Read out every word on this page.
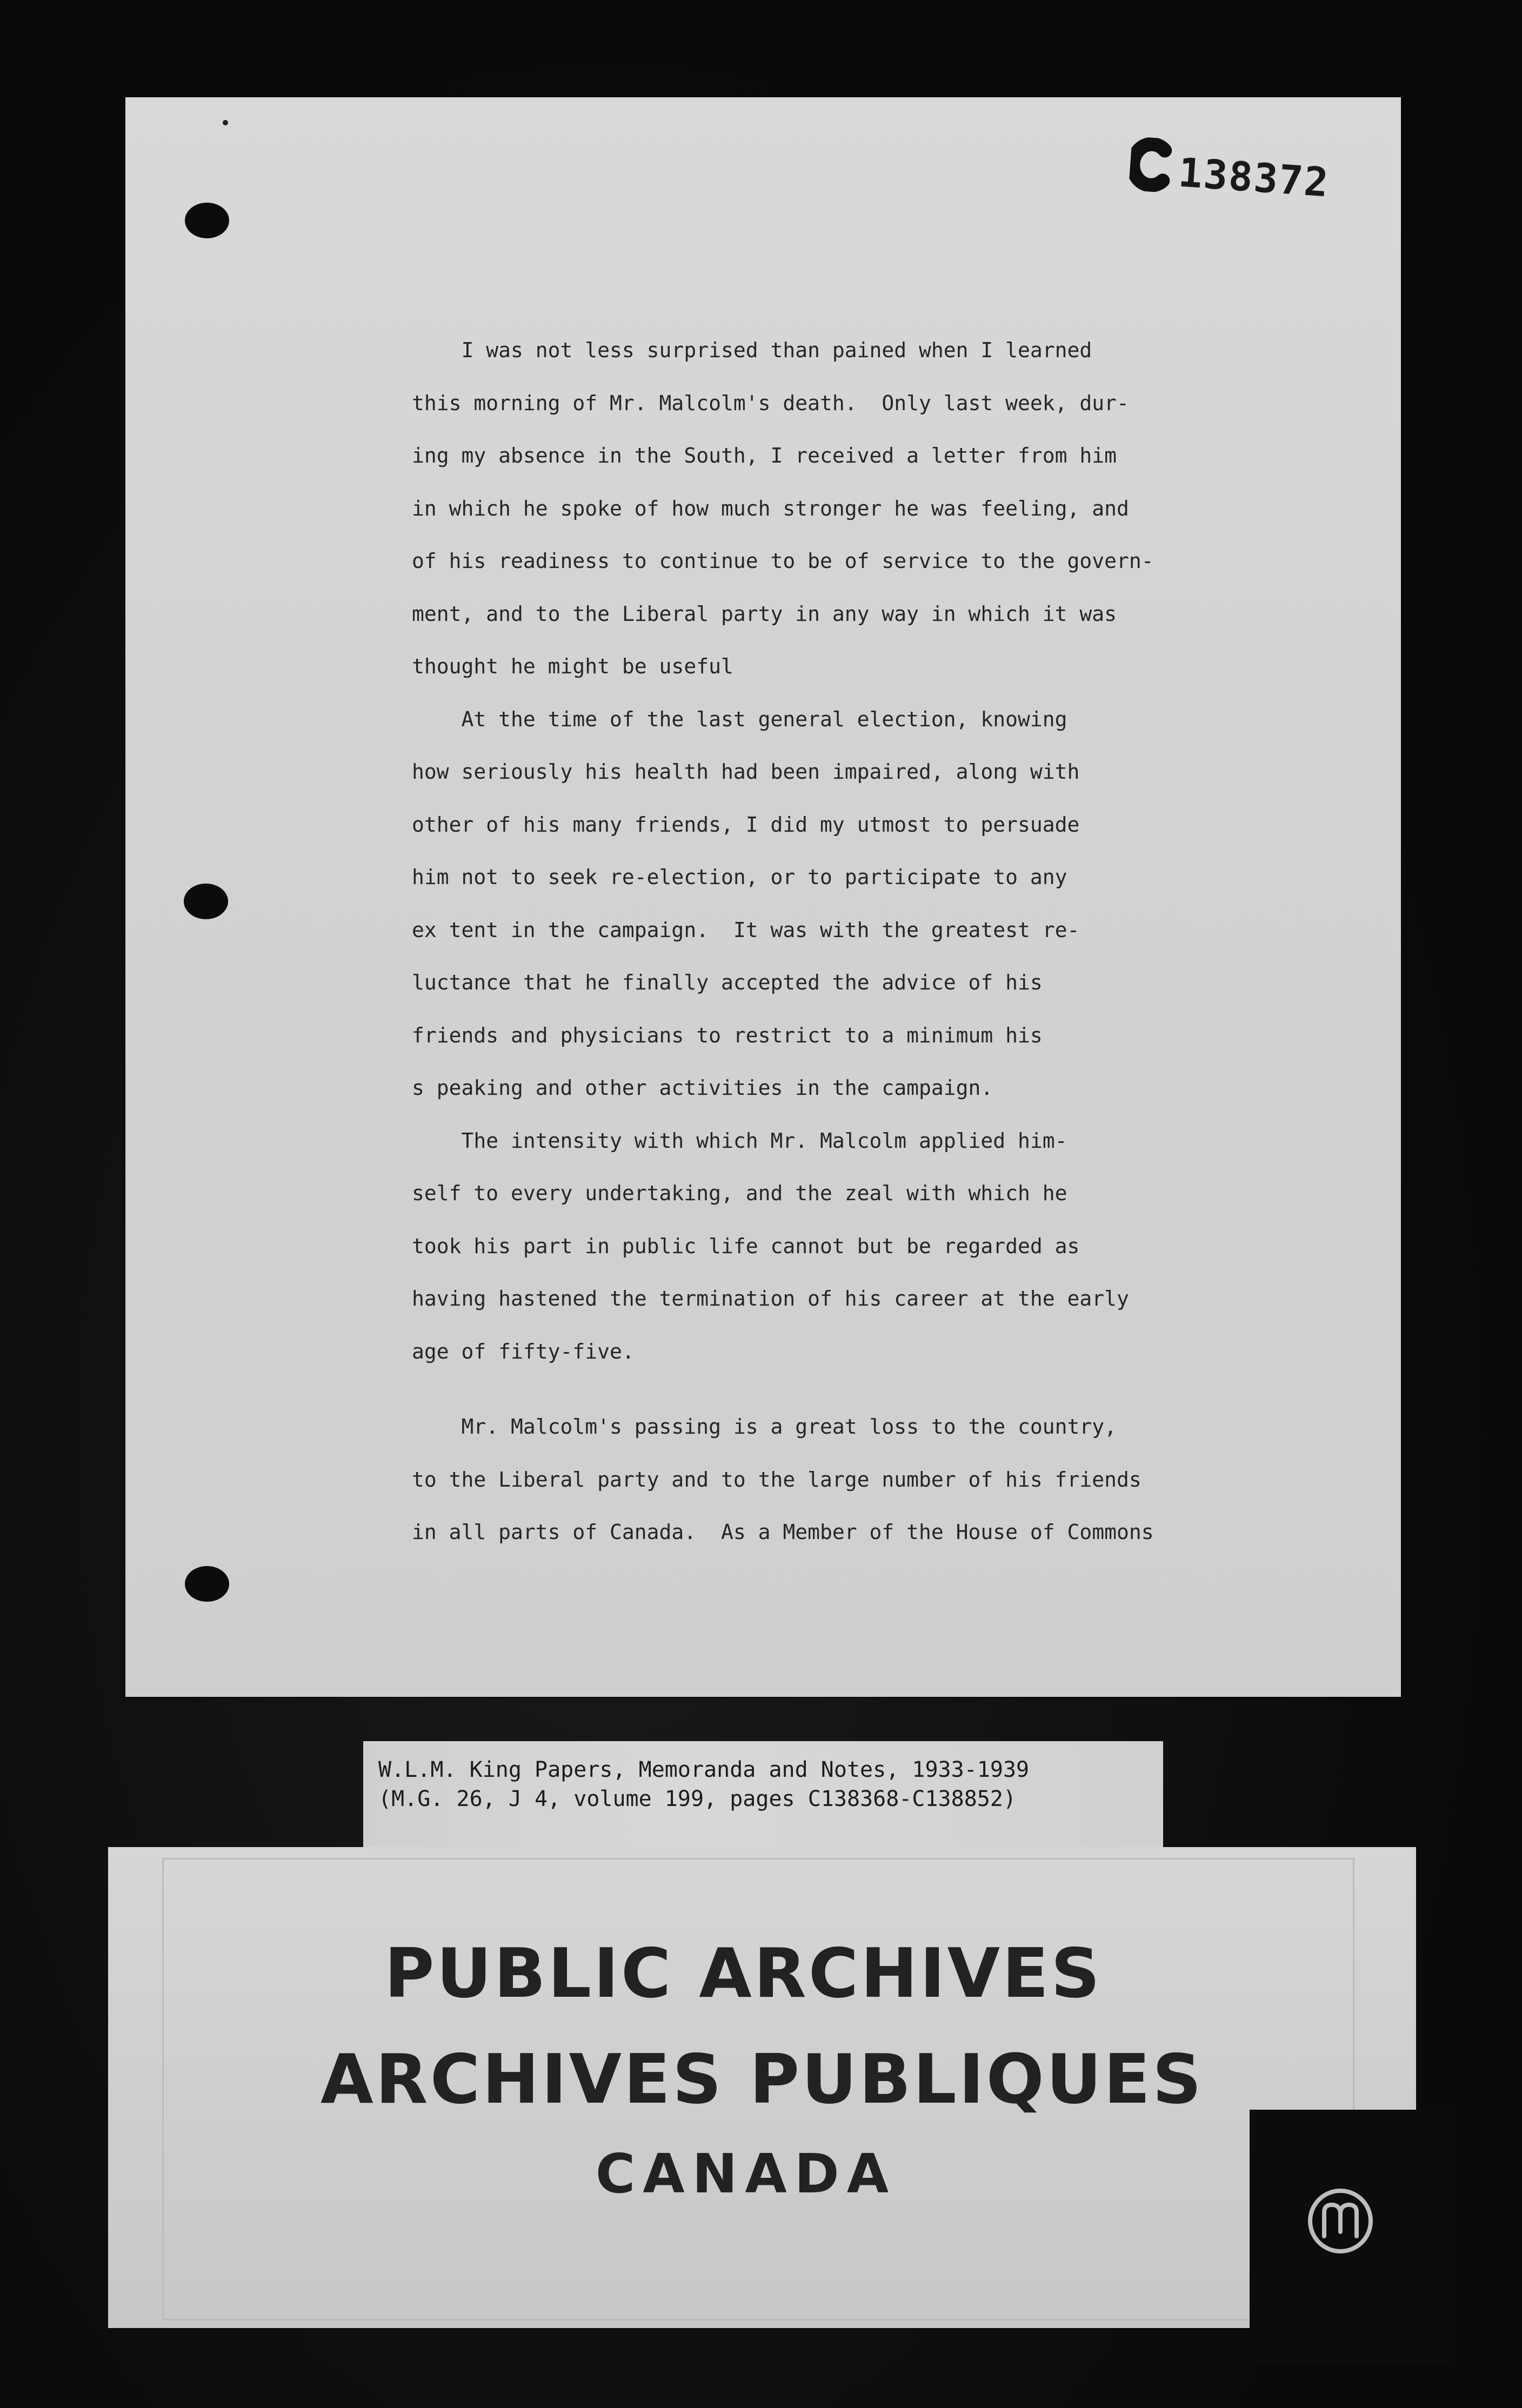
138372
I was not less surprised than pained when I learned
this morning of Mr. Malcolm's death.  Only last week, dur-
ing my absence in the South, I received a letter from him
in which he spoke of how much stronger he was feeling, and
of his readiness to continue to be of service to the govern-
ment, and to the Liberal party in any way in which it was
thought he might be useful
At the time of the last general election, knowing
how seriously his health had been impaired, along with
other of his many friends, I did my utmost to persuade
him not to seek re-election, or to participate to any
ex tent in the campaign.  It was with the greatest re-
luctance that he finally accepted the advice of his
friends and physicians to restrict to a minimum his
s peaking and other activities in the campaign.
The intensity with which Mr. Malcolm applied him-
self to every undertaking, and the zeal with which he
took his part in public life cannot but be regarded as
having hastened the termination of his career at the early
age of fifty-five.
Mr. Malcolm's passing is a great loss to the country,
to the Liberal party and to the large number of his friends
in all parts of Canada.  As a Member of the House of Commons
W.L.M. King Papers, Memoranda and Notes, 1933-1939
(M.G. 26, J 4, volume 199, pages C138368-C138852)
PUBLIC ARCHIVES
ARCHIVES PUBLIQUES
CANADA
